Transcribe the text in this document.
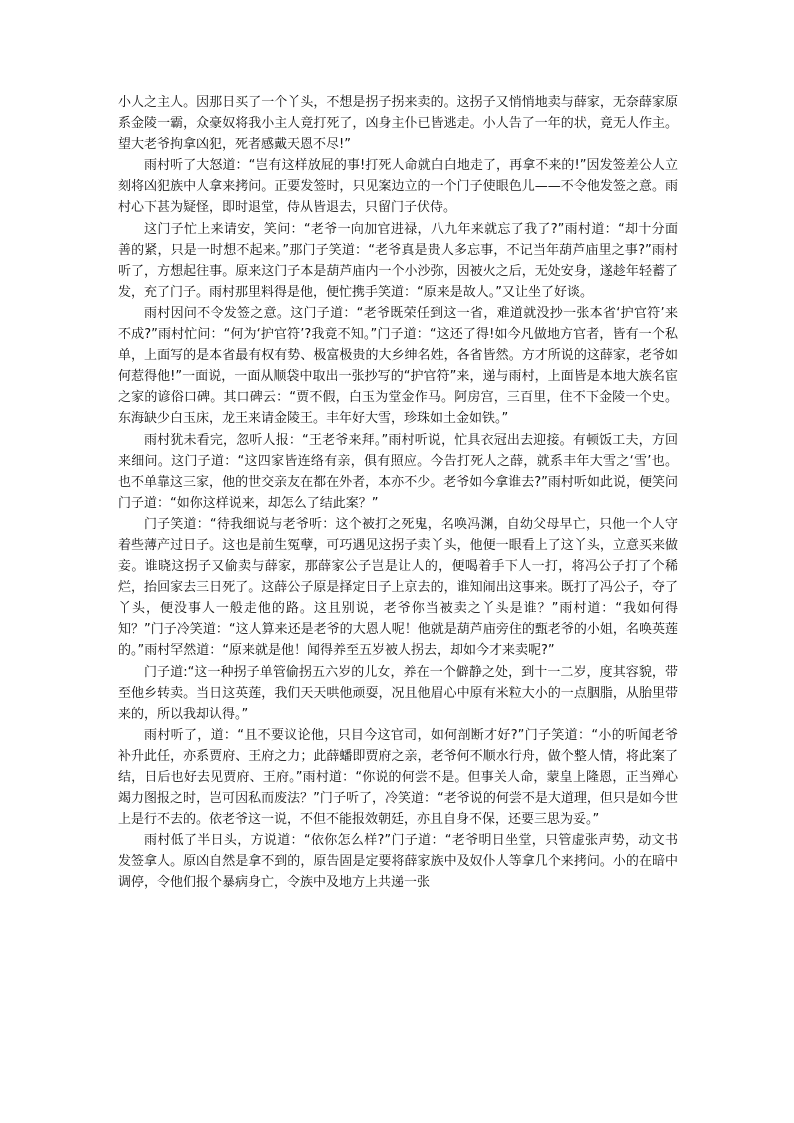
小人之主人。因那日买了一个丫头，不想是拐子拐来卖的。这拐子又悄悄地卖与薛家，无奈薛家原系金陵一霸，众豪奴将我小主人竟打死了，凶身主仆已皆逃走。小人告了一年的状，竟无人作主。望大老爷拘拿凶犯，死者感戴天恩不尽!”

雨村听了大怒道：“岂有这样放屁的事!打死人命就白白地走了，再拿不来的!”因发签差公人立刻将凶犯族中人拿来拷问。正要发签时，只见案边立的一个门子使眼色儿——不令他发签之意。雨村心下甚为疑怪，即时退堂，侍从皆退去，只留门子伏侍。

这门子忙上来请安，笑问：“老爷一向加官进禄，八九年来就忘了我了?”雨村道：“却十分面善的紧，只是一时想不起来。”那门子笑道：“老爷真是贵人多忘事，不记当年葫芦庙里之事?”雨村听了，方想起往事。原来这门子本是葫芦庙内一个小沙弥，因被火之后，无处安身，遂趁年轻蓄了发，充了门子。雨村那里料得是他，便忙携手笑道：“原来是故人。”又让坐了好谈。

雨村因问不令发签之意。这门子道：“老爷既荣任到这一省，难道就没抄一张本省‘护官符’来不成?”雨村忙问：“何为‘护官符’?我竟不知。”门子道：“这还了得!如今凡做地方官者，皆有一个私单，上面写的是本省最有权有势、极富极贵的大乡绅名姓，各省皆然。方才所说的这薛家，老爷如何惹得他!”一面说，一面从顺袋中取出一张抄写的“护官符”来，递与雨村，上面皆是本地大族名宦之家的谚俗口碑。其口碑云：“贾不假，白玉为堂金作马。阿房宫，三百里，住不下金陵一个史。东海缺少白玉床，龙王来请金陵王。丰年好大雪，珍珠如土金如铁。”

雨村犹未看完，忽听人报：“王老爷来拜。”雨村听说，忙具衣冠出去迎接。有顿饭工夫，方回来细问。这门子道：“这四家皆连络有亲，俱有照应。今告打死人之薛，就系丰年大雪之‘雪’也。也不单靠这三家，他的世交亲友在都在外者，本亦不少。老爷如今拿谁去?”雨村听如此说，便笑问门子道：“如你这样说来，却怎么了结此案？”

门子笑道：“待我细说与老爷听：这个被打之死鬼，名唤冯渊，自幼父母早亡，只他一个人守着些薄产过日子。这也是前生冤孽，可巧遇见这拐子卖丫头，他便一眼看上了这丫头，立意买来做妾。谁晓这拐子又偷卖与薛家，那薛家公子岂是让人的，便喝着手下人一打，将冯公子打了个稀烂，抬回家去三日死了。这薛公子原是择定日子上京去的，谁知闹出这事来。既打了冯公子，夺了丫头，便没事人一般走他的路。这且别说，老爷你当被卖之丫头是谁？”雨村道：“我如何得知？”门子冷笑道：“这人算来还是老爷的大恩人呢！他就是葫芦庙旁住的甄老爷的小姐，名唤英莲的。”雨村罕然道：“原来就是他！闻得养至五岁被人拐去，却如今才来卖呢?”

门子道:“这一种拐子单管偷拐五六岁的儿女，养在一个僻静之处，到十一二岁，度其容貌，带至他乡转卖。当日这英莲，我们天天哄他顽耍，况且他眉心中原有米粒大小的一点胭脂，从胎里带来的，所以我却认得。”

雨村听了，道：“且不要议论他，只目今这官司，如何剖断才好?”门子笑道：“小的听闻老爷补升此任，亦系贾府、王府之力；此薛蟠即贾府之亲，老爷何不顺水行舟，做个整人情，将此案了结，日后也好去见贾府、王府。”雨村道：“你说的何尝不是。但事关人命，蒙皇上隆恩，正当殚心竭力图报之时，岂可因私而废法？”门子听了，冷笑道：“老爷说的何尝不是大道理，但只是如今世上是行不去的。依老爷这一说，不但不能报效朝廷，亦且自身不保，还要三思为妥。”

雨村低了半日头，方说道：“依你怎么样?”门子道：“老爷明日坐堂，只管虚张声势，动文书发签拿人。原凶自然是拿不到的，原告固是定要将薛家族中及奴仆人等拿几个来拷问。小的在暗中调停，令他们报个暴病身亡，令族中及地方上共递一张
